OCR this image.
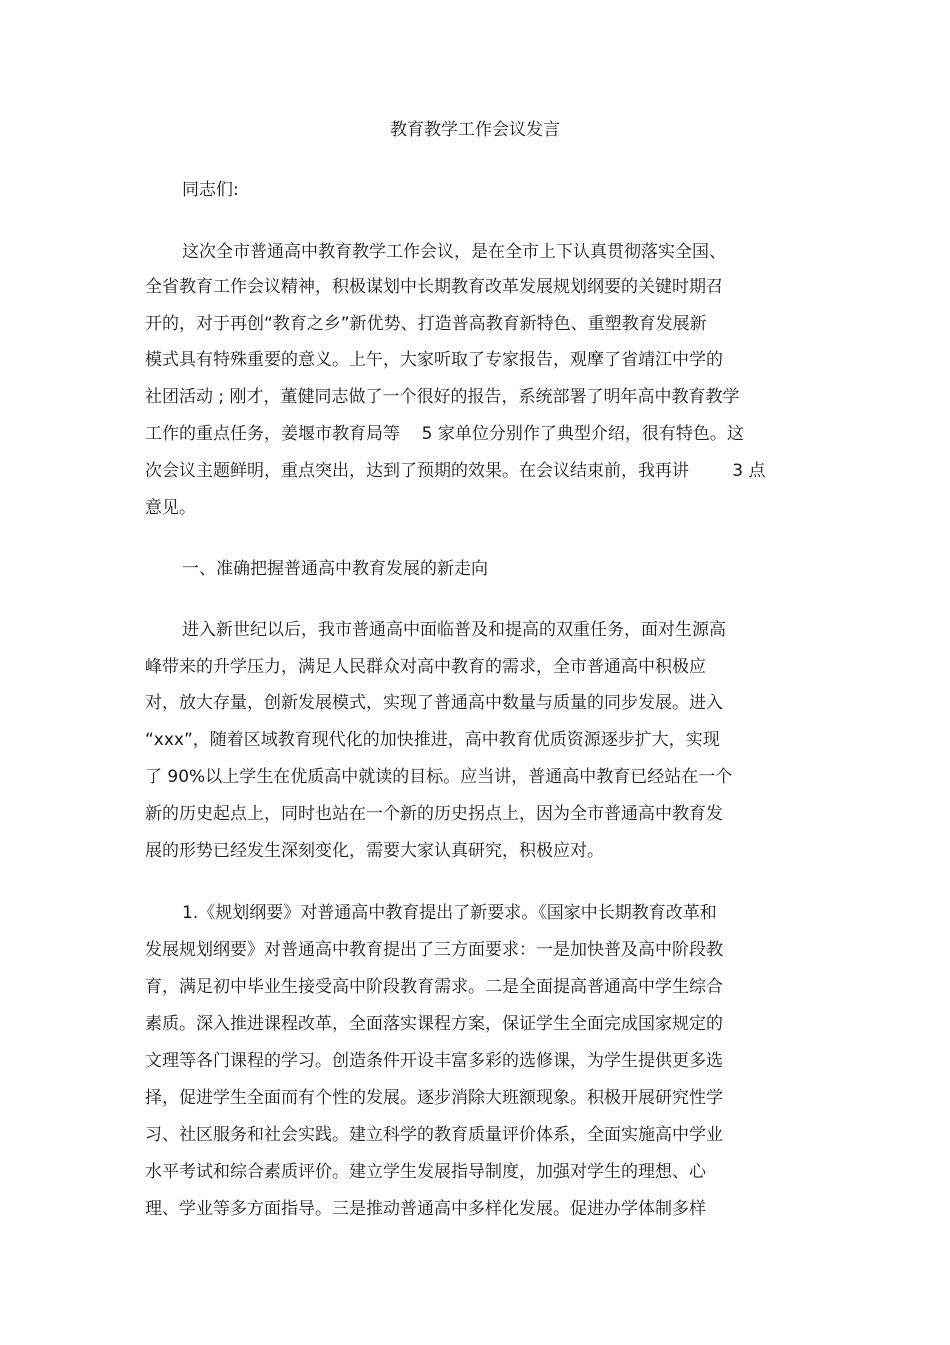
教育教学工作会议发言
同志们:
这次全市普通高中教育教学工作会议，是在全市上下认真贯彻落实全国、
全省教育工作会议精神，积极谋划中长期教育改革发展规划纲要的关键时期召
开的，对于再创“教育之乡”新优势、打造普高教育新特色、重塑教育发展新
模式具有特殊重要的意义。上午，大家听取了专家报告，观摩了省靖江中学的
社团活动 ; 刚才，董健同志做了一个很好的报告，系统部署了明年高中教育教学
工作的重点任务，姜堰市教育局等    5 家单位分别作了典型介绍，很有特色。这
次会议主题鲜明，重点突出，达到了预期的效果。在会议结束前，我再讲        3 点
意见。
一、准确把握普通高中教育发展的新走向
进入新世纪以后，我市普通高中面临普及和提高的双重任务，面对生源高
峰带来的升学压力，满足人民群众对高中教育的需求，全市普通高中积极应
对，放大存量，创新发展模式，实现了普通高中数量与质量的同步发展。进入
“xxx”，随着区域教育现代化的加快推进，高中教育优质资源逐步扩大，实现
了 90%以上学生在优质高中就读的目标。应当讲，普通高中教育已经站在一个
新的历史起点上，同时也站在一个新的历史拐点上，因为全市普通高中教育发
展的形势已经发生深刻变化，需要大家认真研究，积极应对。
1.《规划纲要》对普通高中教育提出了新要求。《国家中长期教育改革和
发展规划纲要》对普通高中教育提出了三方面要求：一是加快普及高中阶段教
育，满足初中毕业生接受高中阶段教育需求。二是全面提高普通高中学生综合
素质。深入推进课程改革，全面落实课程方案，保证学生全面完成国家规定的
文理等各门课程的学习。创造条件开设丰富多彩的选修课，为学生提供更多选
择，促进学生全面而有个性的发展。逐步消除大班额现象。积极开展研究性学
习、社区服务和社会实践。建立科学的教育质量评价体系，全面实施高中学业
水平考试和综合素质评价。建立学生发展指导制度，加强对学生的理想、心
理、学业等多方面指导。三是推动普通高中多样化发展。促进办学体制多样
